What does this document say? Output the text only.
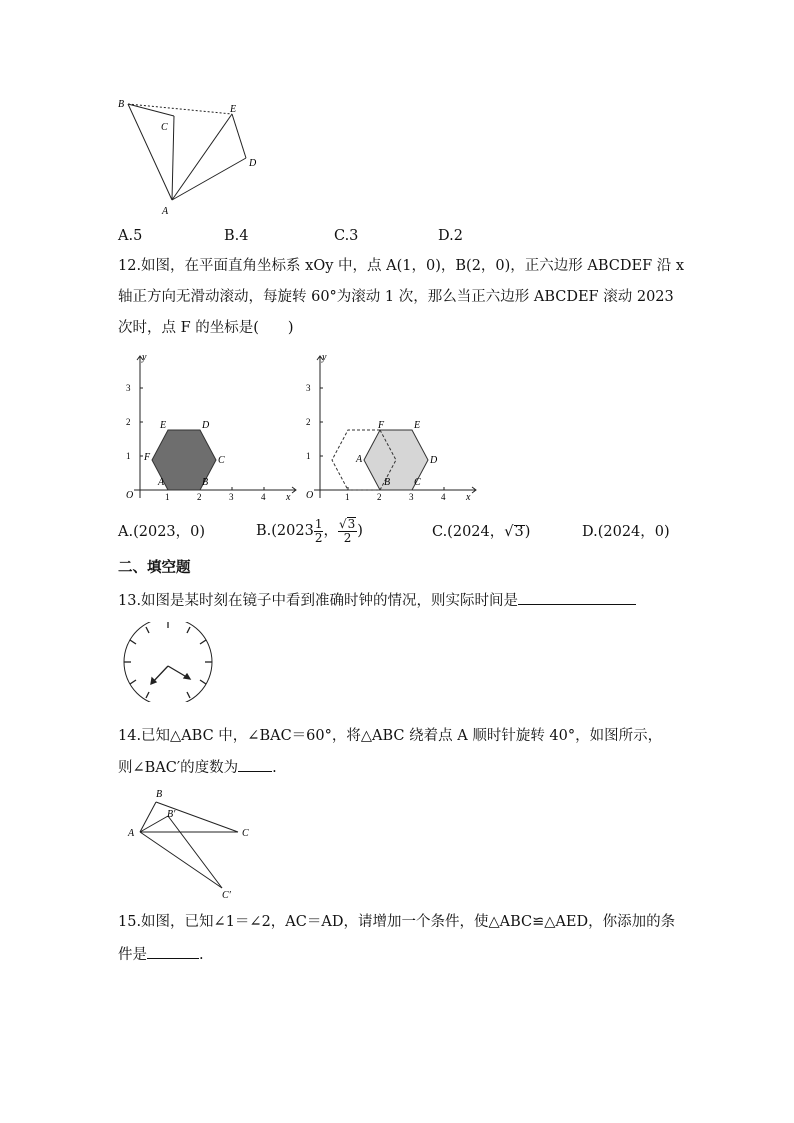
B
C
E
D
A
A.5	B.4	C.3	D.2
12.如图，在平面直角坐标系 xOy 中，点 A(1，0)，B(2，0)，正六边形 ABCDEF 沿 x
轴正方向无滑动滚动，每旋转 60°为滚动 1 次，那么当正六边形 ABCDEF 滚动 2023
次时，点 F 的坐标是(　　)
y
x
O
1
2
3
1	2	3	4
A	B
C
D
E
F
y
x
O
1
2
3
1	2	3	4
A
B C
D
E
F
A.(2023，0)	$B.(2023 \frac{1}{2}$ ， $\frac{√3}{2}$ )	C.(2024，√3)	D.(2024，0)
二、填空题
13.如图是某时刻在镜子中看到准确时钟的情况，则实际时间是
14.已知△ABC 中，∠BAC＝60°，将△ABC 绕着点 A 顺时针旋转 40°，如图所示，
则∠BAC′的度数为 .
B
B′
A	C
C′
15.如图，已知∠1＝∠2，AC＝AD，请增加一个条件，使△ABC≌△AED，你添加的条
件是	.
